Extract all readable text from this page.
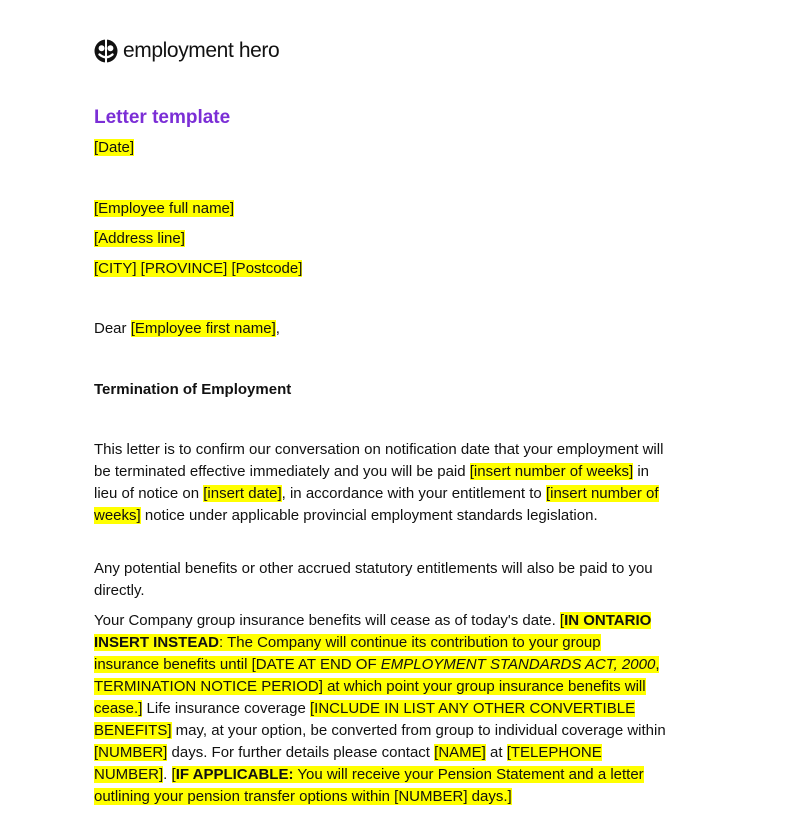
employment hero
Letter template

[Date]

[Employee full name]

[Address line]

[CITY] [PROVINCE] [Postcode]

Dear [Employee first name],

Termination of Employment

This letter is to confirm our conversation on notification date that your employment will be terminated effective immediately and you will be paid [insert number of weeks] in lieu of notice on [insert date], in accordance with your entitlement to [insert number of weeks] notice under applicable provincial employment standards legislation.

Any potential benefits or other accrued statutory entitlements will also be paid to you directly.

Your Company group insurance benefits will cease as of today's date. [IN ONTARIO INSERT INSTEAD: The Company will continue its contribution to your group insurance benefits until [DATE AT END OF EMPLOYMENT STANDARDS ACT, 2000, TERMINATION NOTICE PERIOD] at which point your group insurance benefits will cease.] Life insurance coverage [INCLUDE IN LIST ANY OTHER CONVERTIBLE BENEFITS] may, at your option, be converted from group to individual coverage within [NUMBER] days. For further details please contact [NAME] at [TELEPHONE NUMBER]. [IF APPLICABLE: You will receive your Pension Statement and a letter outlining your pension transfer options within [NUMBER] days.]
